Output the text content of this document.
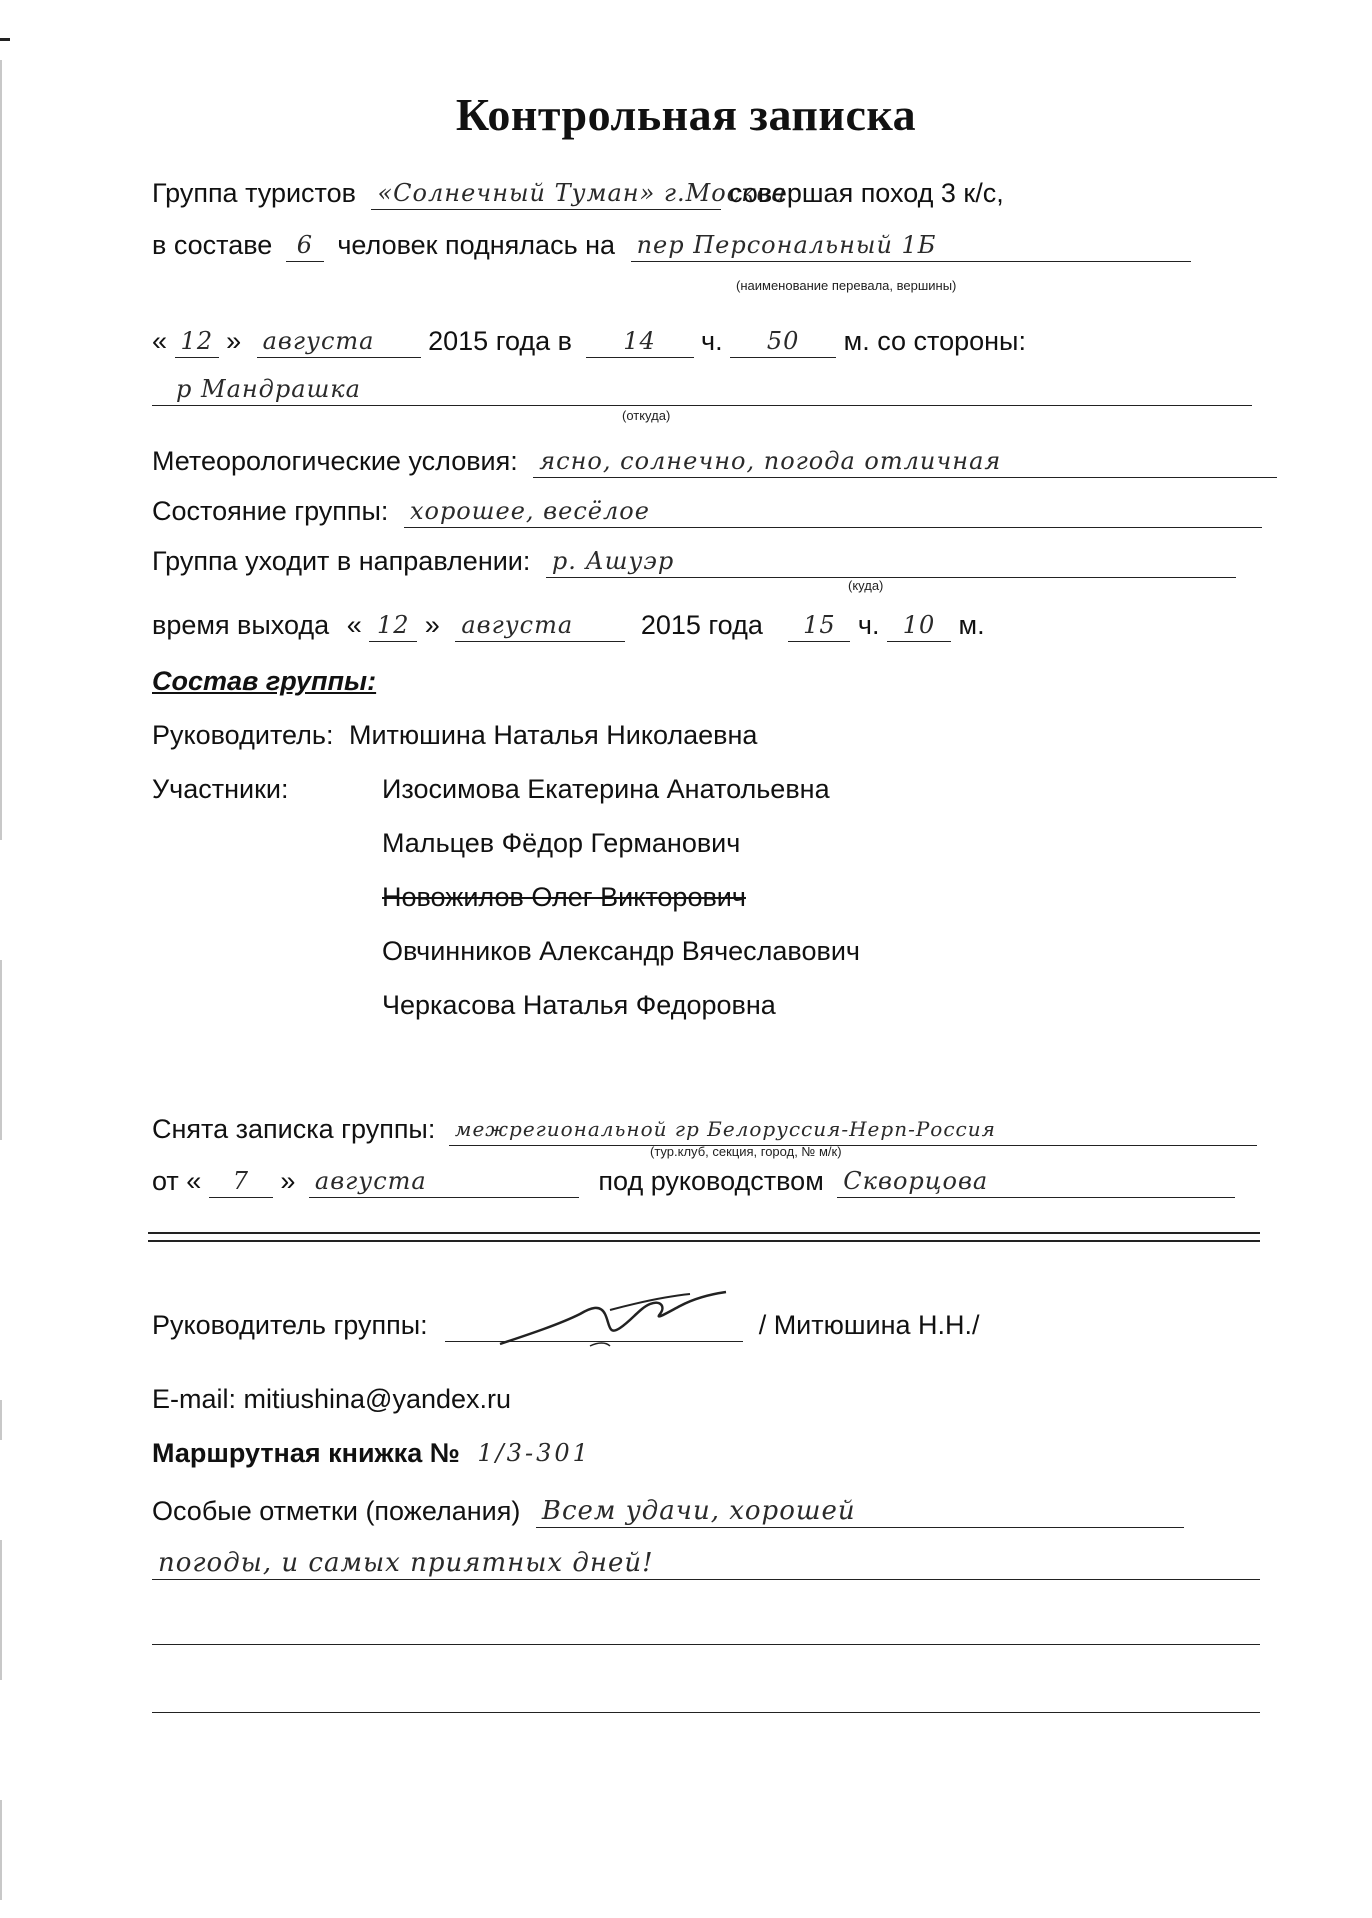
Контрольная записка
Группа туристов «Солнечный Туман» г.Москва совершая поход 3 к/с,
в составе 6 человек поднялась на пер Персональный 1Б
(наименование перевала, вершины)
« 12 » августа 2015 года в 14 ч. 50 м. со стороны:
р Мандрашка
(откуда)
Метеорологические условия: ясно, солнечно, погода отличная
Состояние группы: хорошее, весёлое
Группа уходит в направлении: р. Ашуэр
(куда)
время выхода « 12 » августа	2015 года 15 ч. 10 м.
Состав группы:
Руководитель: Митюшина Наталья Николаевна
Участники:	Изосимова Екатерина Анатольевна
Мальцев Фёдор Германович
Новожилов Олег Викторович
Овчинников Александр Вячеславович
Черкасова Наталья Федоровна
Снята записка группы: межрегиональной гр Белоруссия-Нерп-Россия
(тур.клуб, секция, город, № м/к)
от « 7 » августа	под руководством Скворцова
Руководитель группы:	/ Митюшина Н.Н./
E-mail: mitiushina@yandex.ru
Маршрутная книжка № 1/3-301
Особые отметки (пожелания) Всем удачи, хорошей
погоды, и самых приятных дней!
